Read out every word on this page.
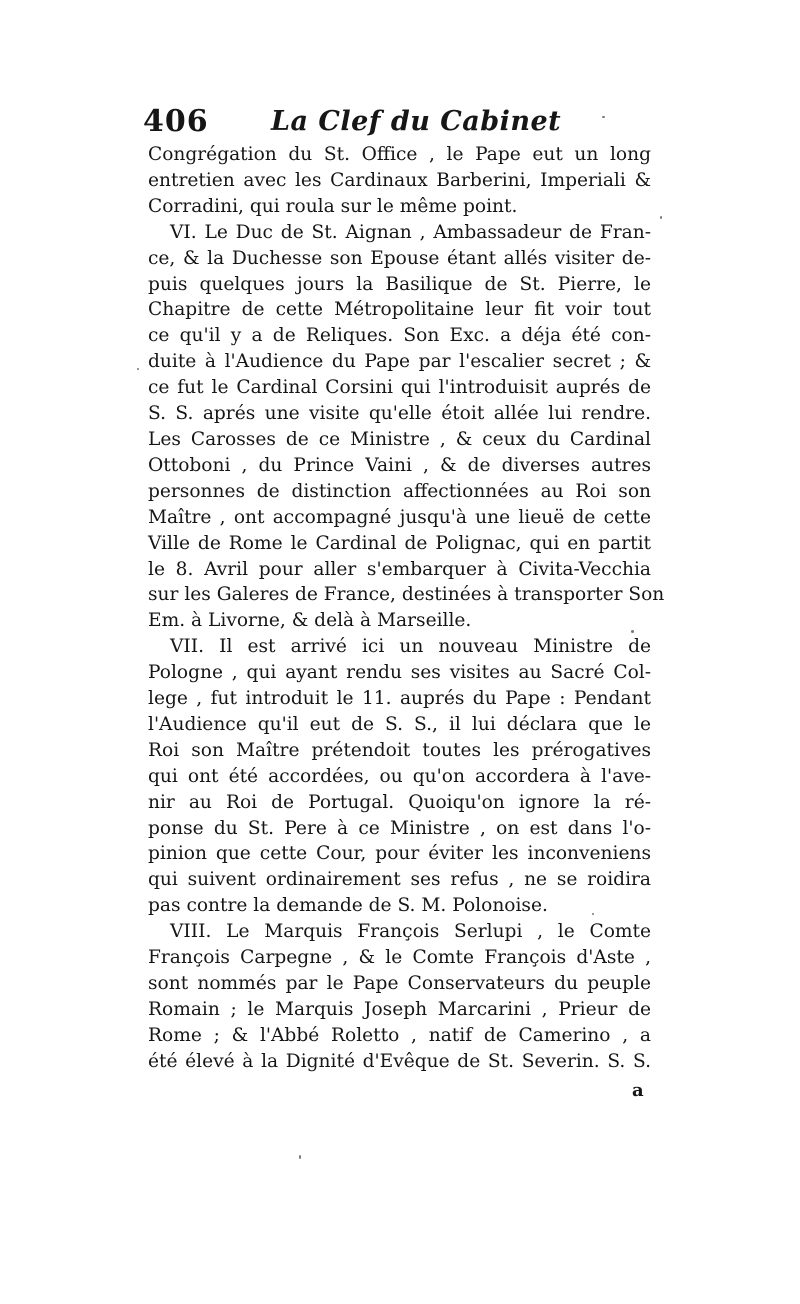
406 La Clef du Cabinet
Congrégation du St. Office , le Pape eut un long
entretien avec les Cardinaux Barberini, Imperiali &
Corradini, qui roula sur le même point.
VI. Le Duc de St. Aignan , Ambassadeur de Fran-
ce, & la Duchesse son Epouse étant allés visiter de-
puis quelques jours la Basilique de St. Pierre, le
Chapitre de cette Métropolitaine leur fit voir tout
ce qu'il y a de Reliques. Son Exc. a déja été con-
duite à l'Audience du Pape par l'escalier secret ; &
ce fut le Cardinal Corsini qui l'introduisit auprés de
S. S. aprés une visite qu'elle étoit allée lui rendre.
Les Carosses de ce Ministre , & ceux du Cardinal
Ottoboni , du Prince Vaini , & de diverses autres
personnes de distinction affectionnées au Roi son
Maître , ont accompagné jusqu'à une lieuë de cette
Ville de Rome le Cardinal de Polignac, qui en partit
le 8. Avril pour aller s'embarquer à Civita-Vecchia
sur les Galeres de France, destinées à transporter Son
Em. à Livorne, & delà à Marseille.
VII. Il est arrivé ici un nouveau Ministre de
Pologne , qui ayant rendu ses visites au Sacré Col-
lege , fut introduit le 11. auprés du Pape : Pendant
l'Audience qu'il eut de S. S., il lui déclara que le
Roi son Maître prétendoit toutes les prérogatives
qui ont été accordées, ou qu'on accordera à l'ave-
nir au Roi de Portugal. Quoiqu'on ignore la ré-
ponse du St. Pere à ce Ministre , on est dans l'o-
pinion que cette Cour, pour éviter les inconveniens
qui suivent ordinairement ses refus , ne se roidira
pas contre la demande de S. M. Polonoise.
VIII. Le Marquis François Serlupi , le Comte
François Carpegne , & le Comte François d'Aste ,
sont nommés par le Pape Conservateurs du peuple
Romain ; le Marquis Joseph Marcarini , Prieur de
Rome ; & l'Abbé Roletto , natif de Camerino , a
été élevé à la Dignité d'Evêque de St. Severin. S. S.
a
